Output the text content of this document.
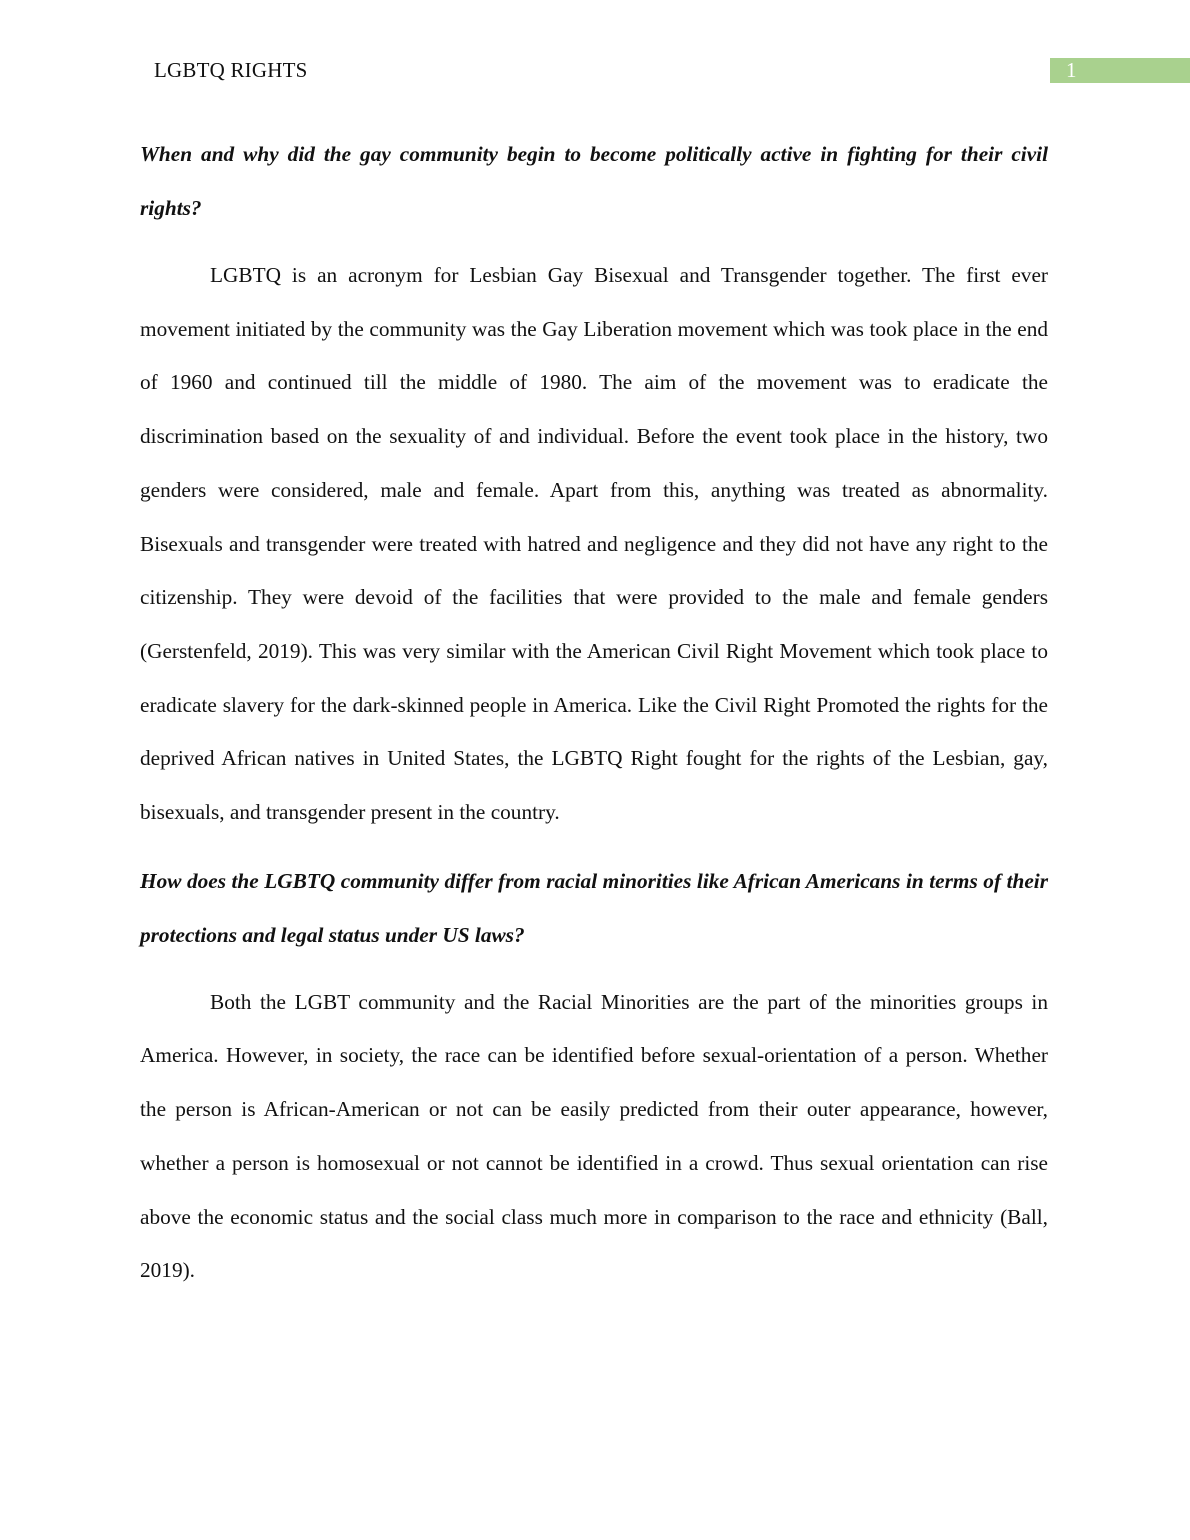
LGBTQ RIGHTS	1

When and why did the gay community begin to become politically active in fighting for their civil rights?

LGBTQ is an acronym for Lesbian Gay Bisexual and Transgender together. The first ever movement initiated by the community was the Gay Liberation movement which was took place in the end of 1960 and continued till the middle of 1980. The aim of the movement was to eradicate the discrimination based on the sexuality of and individual. Before the event took place in the history, two genders were considered, male and female. Apart from this, anything was treated as abnormality. Bisexuals and transgender were treated with hatred and negligence and they did not have any right to the citizenship. They were devoid of the facilities that were provided to the male and female genders (Gerstenfeld, 2019). This was very similar with the American Civil Right Movement which took place to eradicate slavery for the dark-skinned people in America. Like the Civil Right Promoted the rights for the deprived African natives in United States, the LGBTQ Right fought for the rights of the Lesbian, gay, bisexuals, and transgender present in the country.

How does the LGBTQ community differ from racial minorities like African Americans in terms of their protections and legal status under US laws?

Both the LGBT community and the Racial Minorities are the part of the minorities groups in America. However, in society, the race can be identified before sexual-orientation of a person. Whether the person is African-American or not can be easily predicted from their outer appearance, however, whether a person is homosexual or not cannot be identified in a crowd. Thus sexual orientation can rise above the economic status and the social class much more in comparison to the race and ethnicity (Ball, 2019).
